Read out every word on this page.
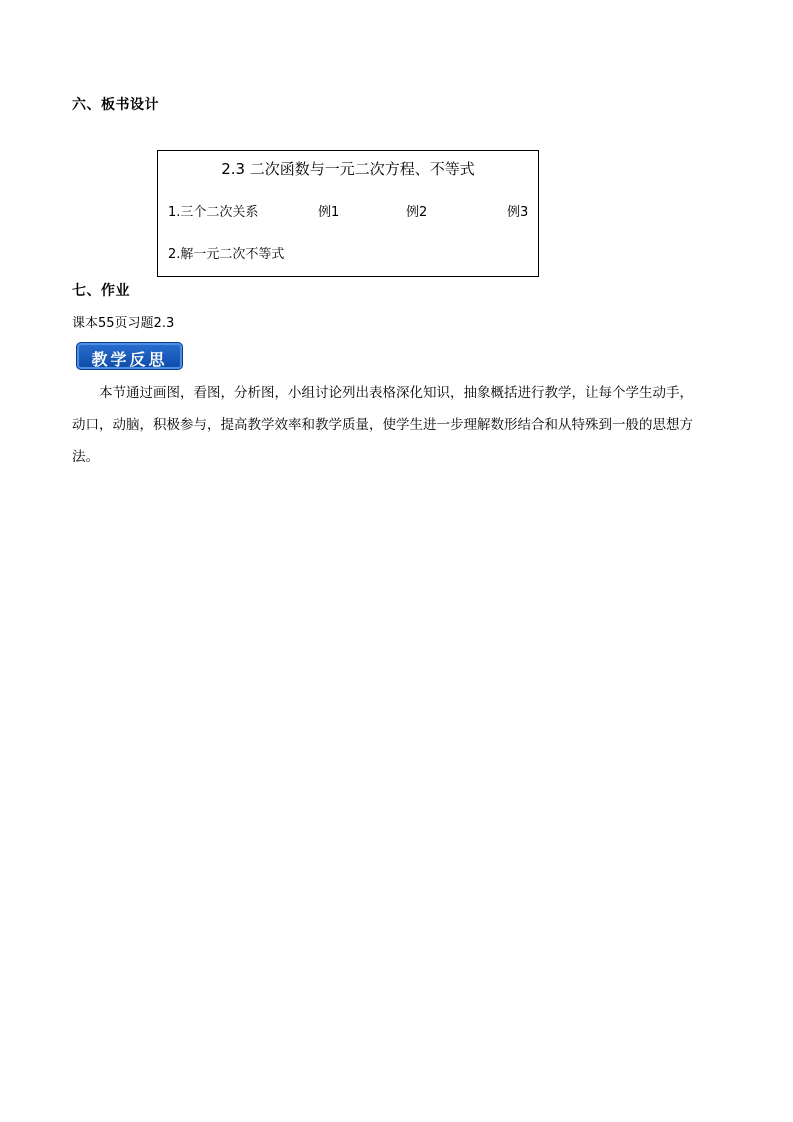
六、板书设计
2.3 二次函数与一元二次方程、不等式
1.三个二次关系	例1	例2	例3
2.解一元二次不等式
七、作业
课本55页习题2.3
教学反思
本节通过画图，看图，分析图，小组讨论列出表格深化知识，抽象概括进行教学，让每个学生动手，
动口，动脑，积极参与，提高教学效率和教学质量，使学生进一步理解数形结合和从特殊到一般的思想方
法。
